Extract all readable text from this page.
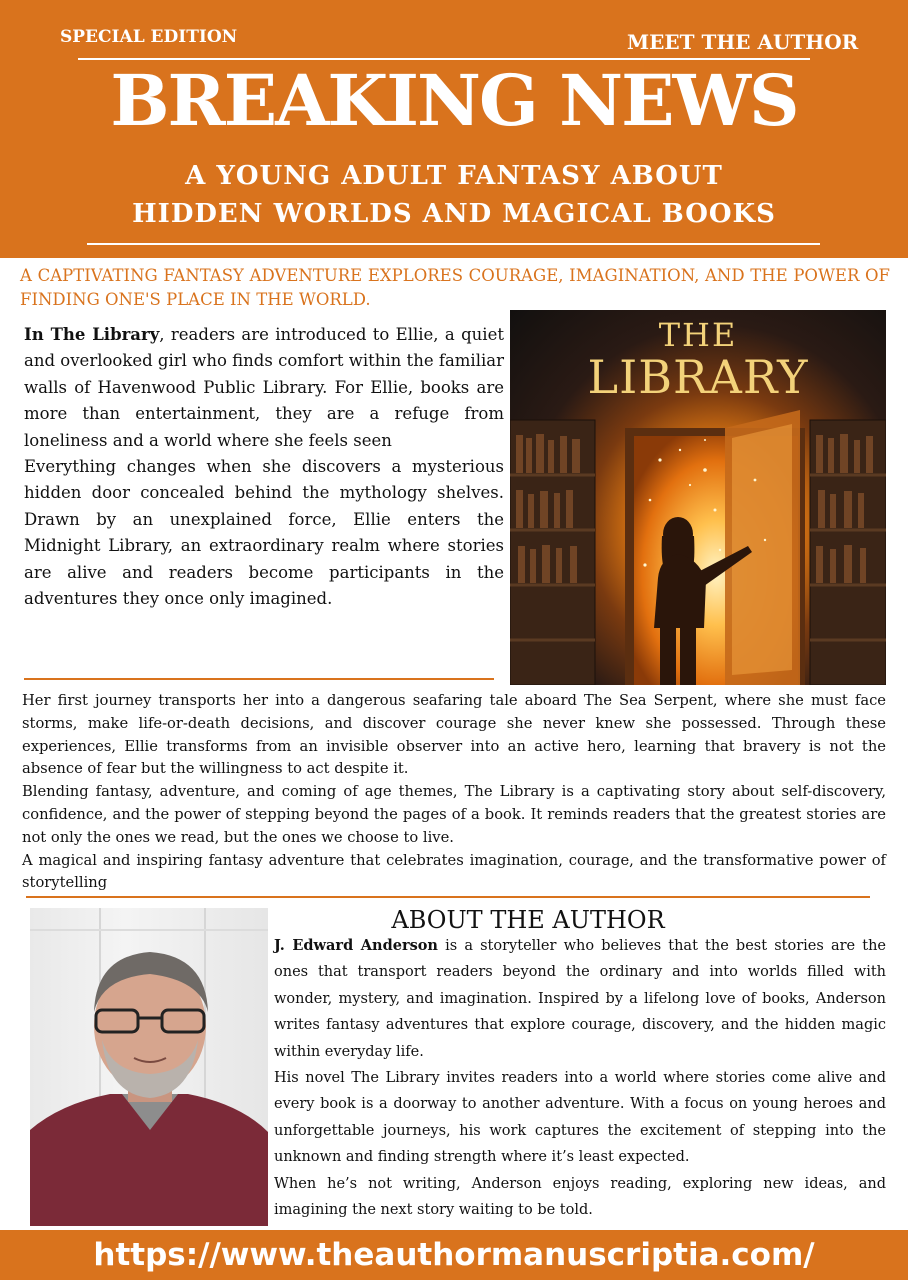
SPECIAL EDITION	MEET THE AUTHOR
BREAKING NEWS
A YOUNG ADULT FANTASY ABOUT
HIDDEN WORLDS AND MAGICAL BOOKS
A CAPTIVATING FANTASY ADVENTURE EXPLORES COURAGE, IMAGINATION, AND THE POWER OF FINDING ONE'S PLACE IN THE WORLD.

In The Library, readers are introduced to Ellie, a quiet and overlooked girl who finds comfort within the familiar walls of Havenwood Public Library. For Ellie, books are more than entertainment, they are a refuge from loneliness and a world where she feels seen

Everything changes when she discovers a mysterious hidden door concealed behind the mythology shelves. Drawn by an unexplained force, Ellie enters the Midnight Library, an extraordinary realm where stories are alive and readers become participants in the adventures they once only imagined.

THE
LIBRARY

Her first journey transports her into a dangerous seafaring tale aboard The Sea Serpent, where she must face storms, make life-or-death decisions, and discover courage she never knew she possessed. Through these experiences, Ellie transforms from an invisible observer into an active hero, learning that bravery is not the absence of fear but the willingness to act despite it.

Blending fantasy, adventure, and coming of age themes, The Library is a captivating story about self-discovery, confidence, and the power of stepping beyond the pages of a book. It reminds readers that the greatest stories are not only the ones we read, but the ones we choose to live.

A magical and inspiring fantasy adventure that celebrates imagination, courage, and the transformative power of storytelling

ABOUT THE AUTHOR

J. Edward Anderson is a storyteller who believes that the best stories are the ones that transport readers beyond the ordinary and into worlds filled with wonder, mystery, and imagination. Inspired by a lifelong love of books, Anderson writes fantasy adventures that explore courage, discovery, and the hidden magic within everyday life.

His novel The Library invites readers into a world where stories come alive and every book is a doorway to another adventure. With a focus on young heroes and unforgettable journeys, his work captures the excitement of stepping into the unknown and finding strength where it’s least expected.

When he’s not writing, Anderson enjoys reading, exploring new ideas, and imagining the next story waiting to be told.

https://www.theauthormanuscriptia.com/
